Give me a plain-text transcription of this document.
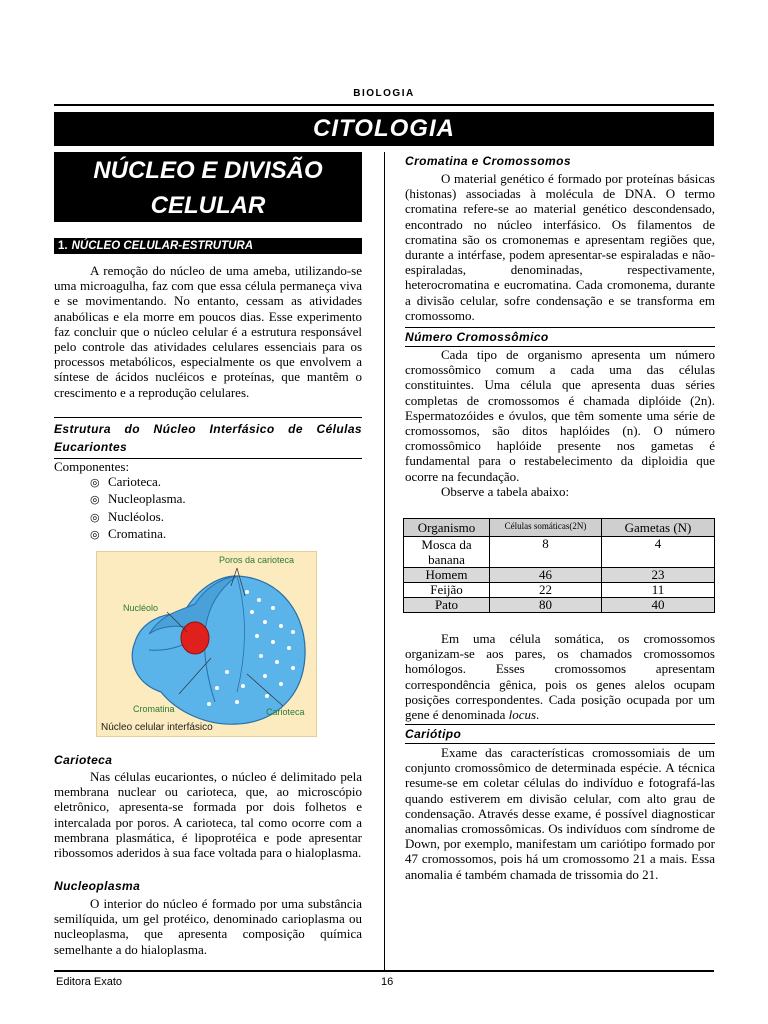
BIOLOGIA
CITOLOGIA
NÚCLEO E DIVISÃO
CELULAR
1. NÚCLEO CELULAR-ESTRUTURA

A remoção do núcleo de uma ameba, utilizando-se uma microagulha, faz com que essa célula permaneça viva e se movimentando. No entanto, cessam as atividades anabólicas e ela morre em poucos dias. Esse experimento faz concluir que o núcleo celular é a estrutura responsável pelo controle das atividades celulares essenciais para os processos metabólicos, especialmente os que envolvem a síntese de ácidos nucléicos e proteínas, que mantêm o crescimento e a reprodução celulares.

Estrutura do Núcleo Interfásico de Células Eucariontes
Componentes:
◎ Carioteca.
◎ Nucleoplasma.
◎ Nucléolos.
◎ Cromatina.
Poros da carioteca
Nucléolo
Cromatina	Carioteca
Núcleo celular interfásico
Carioteca

Nas células eucariontes, o núcleo é delimitado pela membrana nuclear ou carioteca, que, ao microscópio eletrônico, apresenta-se formada por dois folhetos e intercalada por poros. A carioteca, tal como ocorre com a membrana plasmática, é lipoprotéica e pode apresentar ribossomos aderidos à sua face voltada para o hialoplasma.

Nucleoplasma

O interior do núcleo é formado por uma substância semilíquida, um gel protéico, denominado carioplasma ou nucleoplasma, que apresenta composição química semelhante a do hialoplasma.

Cromatina e Cromossomos

O material genético é formado por proteínas básicas (histonas) associadas à molécula de DNA. O termo cromatina refere-se ao material genético descondensado, encontrado no núcleo interfásico. Os filamentos de cromatina são os cromonemas e apresentam regiões que, durante a intérfase, podem apresentar-se espiraladas e não-espiraladas, denominadas, respectivamente, heterocromatina e eucromatina. Cada cromonema, durante a divisão celular, sofre condensação e se transforma em cromossomo.

Número Cromossômico

Cada tipo de organismo apresenta um número cromossômico comum a cada uma das células constituintes. Uma célula que apresenta duas séries completas de cromossomos é chamada diplóide (2n). Espermatozóides e óvulos, que têm somente uma série de cromossomos, são ditos haplóides (n). O número cromossômico haplóide presente nos gametas é fundamental para o restabelecimento da diploidia que ocorre na fecundação.

Observe a tabela abaixo:

Organismo	Células somáticas(2N)	Gametas (N)
Mosca da banana	8	4
Homem	46	23
Feijão	22	11
Pato	80	40

Em uma célula somática, os cromossomos organizam-se aos pares, os chamados cromossomos homólogos. Esses cromossomos apresentam correspondência gênica, pois os genes alelos ocupam posições correspondentes. Cada posição ocupada por um gene é denominada locus.

Cariótipo

Exame das características cromossomiais de um conjunto cromossômico de determinada espécie. A técnica resume-se em coletar células do indivíduo e fotografá-las quando estiverem em divisão celular, com alto grau de condensação. Através desse exame, é possível diagnosticar anomalias cromossômicas. Os indivíduos com síndrome de Down, por exemplo, manifestam um cariótipo formado por 47 cromossomos, pois há um cromossomo 21 a mais. Essa anomalia é também chamada de trissomia do 21.

Editora Exato	16
